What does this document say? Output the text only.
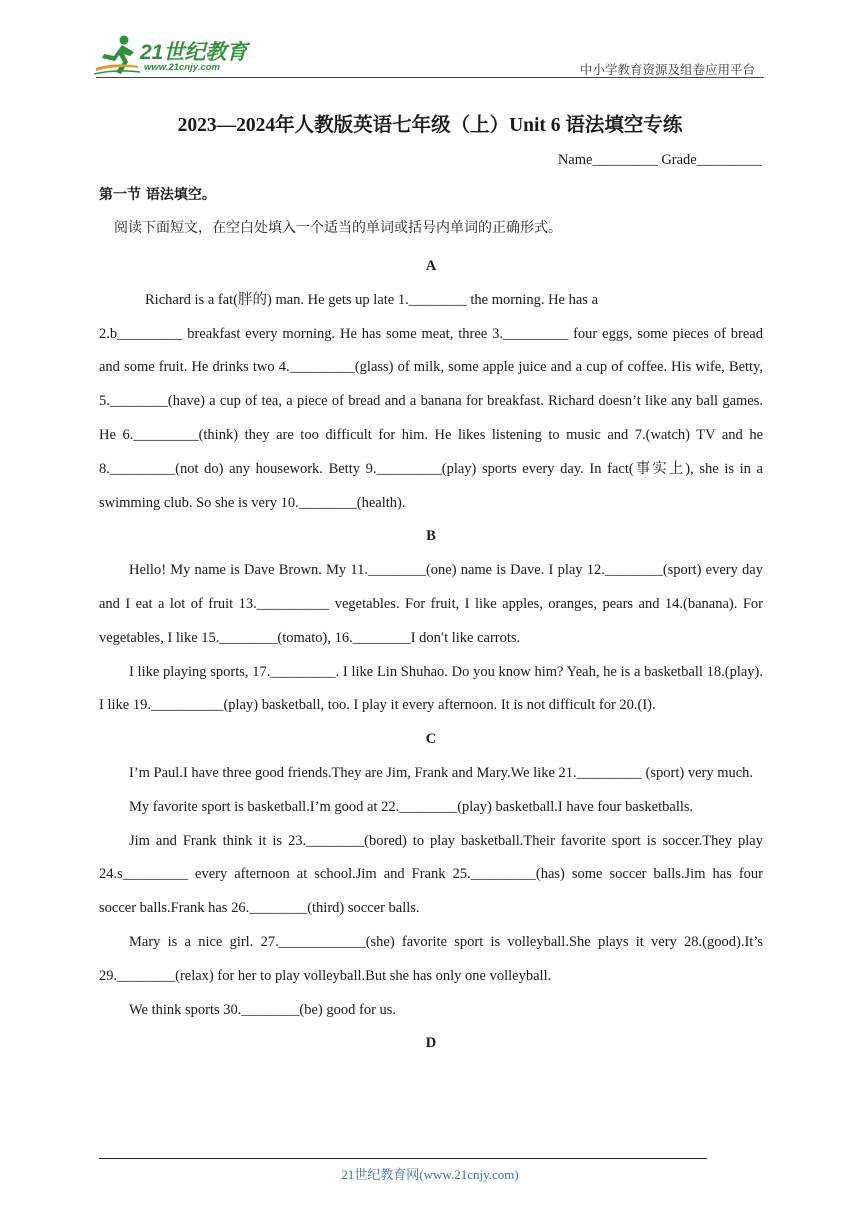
21世纪教育
www.21cnjy.com	中小学教育资源及组卷应用平台
2023—2024年人教版英语七年级（上）Unit 6 语法填空专练
Name_________ Grade_________
第一节 语法填空。
阅读下面短文，在空白处填入一个适当的单词或括号内单词的正确形式。

A

Richard is a fat(胖的) man. He gets up late 1.________ the morning. He has a

2.b_________ breakfast every morning. He has some meat, three 3._________ four eggs, some pieces of bread and some fruit. He drinks two 4._________(glass) of milk, some apple juice and a cup of coffee. His wife, Betty, 5.________(have) a cup of tea, a piece of bread and a banana for breakfast. Richard doesn’t like any ball games. He 6._________(think) they are too difficult for him. He likes listening to music and 7.(watch) TV and he 8._________(not do) any housework. Betty 9._________(play) sports every day. In fact(事实上), she is in a swimming club. So she is very 10.________(health).

B

Hello! My name is Dave Brown. My 11.________(one) name is Dave. I play 12.________(sport) every day and I eat a lot of fruit 13.__________ vegetables. For fruit, I like apples, oranges, pears and 14.(banana). For vegetables, I like 15.________(tomato), 16.________I don′t like carrots.

I like playing sports, 17._________. I like Lin Shuhao. Do you know him? Yeah, he is a basketball 18.(play). I like 19.__________(play) basketball, too. I play it every afternoon. It is not difficult for 20.(I).

C

I’m Paul.I have three good friends.They are Jim, Frank and Mary.We like 21._________ (sport) very much.

My favorite sport is basketball.I’m good at 22.________(play) basketball.I have four basketballs.

Jim and Frank think it is 23.________(bored) to play basketball.Their favorite sport is soccer.They play 24.s_________ every afternoon at school.Jim and Frank 25._________(has) some soccer balls.Jim has four soccer balls.Frank has 26.________(third) soccer balls.

Mary is a nice girl. 27.____________(she) favorite sport is volleyball.She plays it very 28.(good).It’s 29.________(relax) for her to play volleyball.But she has only one volleyball.

We think sports 30.________(be) good for us.

D

21世纪教育网(www.21cnjy.com)
